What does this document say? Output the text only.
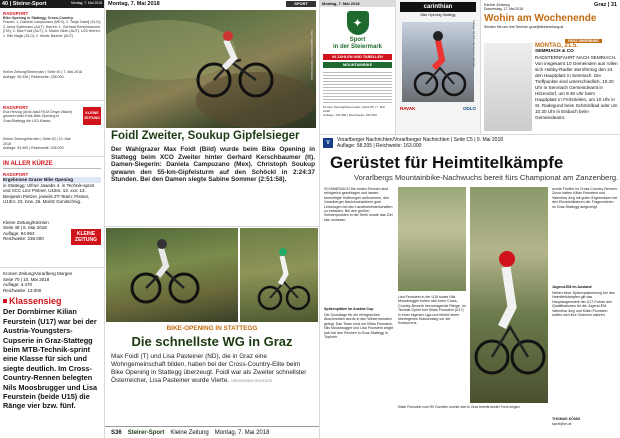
40 | Steirer-Sport	Montag, 7. Mai 2018
RADSPORT
Bike Opening in Stattegg, Cross-Country.
Frauen: 1. Daniela Campuzano (MEX); 2. Tanja Zakelj (SLO); 3. Anna Spielmann (AUT). Herren: 1. Gerhard Kerschbaumer (ITA); 2. Max Foidl (AUT); 3. Martin Gluth (AUT). U23 Herren: 1. Riik Nagle (SLO); 2. Moritz Bischer (AUT)
Kleine Zeitung/Steiermark | Seite 40 | 7. Mai 2018
Auflage: 96.326 | Reichweite: 238.000
RADSPORT
Eva Herzog (Arbö Askö RLM Ömya Villach) gewann beim Kids-Bike-Opening in Graz/Stattegg die U13-Klasse.
Kleine Zeitung/Kärnten | Seite 63 | 10. Mai 2018
Auflage: 94.963 | Reichweite: 238.000
KLEINE
ZEITUNG
IN ALLER KÜRZE
RADSPORT
Ergebnisse Grazer Bike Opening
in Stattegg: Ulfner Jawabs 4. in Technik-sprint und XCC Linz Pistner, U15m: 13. xxx: 13. Benjamin Pietzer, jeweils ZT-Team: Pistner, U13m: 23. bzw. 26. Moritz Gonitschnig.
Kleine Zeitung/Kärnten
Seite 48 | 8. Mai 2018
Auflage: 94.963
Reichweite: 238.000
KLEINE
ZEITUNG
Kronen Zeitung/Vorarlberg Morgen
Seite 70 | 10. Mai 2018
Auflage: 4.470
Reichweite: 13.000
Klassensieg
Der Dornbirner Kilian Feurstein (U17) war bei der Austria-Youngsters-Cupserie in Graz-Stattegg beim MTB-Technik-sprint eine Klasse für sich und siegte deutlich. Im Cross-Country-Rennen belegten Nils Moosbrugger und Lisa Feurstein (beide U15) die Ränge vier bzw. fünf.
Montag, 7. Mai 2018	SPORT
Foto: Harald Gotschi / Schöckl GmbH
Foidl Zweiter, Soukup Gipfelsieger
Der Wahlgrazer Max Foidl (Bild) wurde beim Bike Opening in Stattegg beim XCO Zweiter hinter Gerhard Kerschbaumer (It). Damen-Siegerin: Daniela Campuzano (Mex). Christoph Soukup gewann den 55-km-Gipfelsturm auf den Schöckl in 2:24:37 Stunden. Bei den Damen siegte Sabine Sommer (2:51:58).
BIKE-OPENING IN STATTEGG
Die schnellste WG in Graz
Max Foidl (T) und Lisa Pasteiner (ND), die in Graz eine Wohngemeinschaft bilden, haben bei der Cross-Country-Elite beim Bike Opening in Stattegg überzeugt. Foidl war als Zweiter schnellster Österreicher, Lisa Pasteiner wurde Vierte. GREGOR/NG MONTAGE
S36 Steirer-Sport Kleine Zeitung Montag, 7. Mai 2018
Montag, 7. Mai 2018
✦
Sport
in der Steiermark
IN ZAHLEN UND TABELLEN
MOUNTAINBIKE
Kronen Zeitung/Steiermark | Seite 58 | 7. Mai 2018
Auflage: 134.960 | Reichweite: 343.000
carinthian
Bike Opening Stattegg
RAVAK	ODLO
Auflage: 58.205 | Reichweite: 163.000
Kleine Zeitung
Donnerstag, 17. Mai 2018
Graz | 31
Wohin am Wochenende
Senden Sie uns Ihre Termine: graz@kleinezeitung.at
GRAZ UMGEBUNG
MONTAG, 21.5.
SEMRIACH & CO
RADSTERNFAHRT NACH SEMRIACH. Von insgesamt 10 Gemeinden aus rollen sich Hobby-Radler sternförmig den 24. den Hauptplatz in Semriach. Die Treffpunkte sind unterschiedlich, 10.30 Uhr in Semriach Gemeindeamt in Hitzendorf, um 9.30 Uhr beim Hauptplatz in Frohnleiten, um 10 Uhr in St. Radegund beim Schöcklbad oder um 10.30 Uhr in Eisbach beim Gemeindeamt.
V	Vorarlberger Nachrichten/Vorarlberger Nachrichten | Seite C5 | 9. Mai 2018
Auflage: 58.205 | Reichweite: 163.000
Gerüstet für Heimtitelkämpfe
Vorarlbergs Mountainbike-Nachwuchs bereit fürs Championat am Zanzenberg.
SCHWARZACH Die ersten Rennen sind erfolgreich geschlagen und lassen berechtigte Hoffnungen aufkommen, den Vorarlberger Nachwuchsbikern gute Leistungen bei den Landesmeisterschaften zu erwarten. Bei den großen Schwerpunkten in der Serie wurde das Ziel klar umrissen.
Spitzenplätze im Austria Cup
Die Grundlage für ein erfolgreiches Abschneiden wurde in den Wintermonaten gelegt. Das Team rund um Kilian Feurstein, Nils Moosbrugger und Lisa Feurstein zeigte sich bei den Rennen in Graz-Stattegg in Topform.
Lisa Feurstein in der U15 sowie Nils Moosbrugger holten sich beim Cross-Country-Bewerb hervorragende Ränge. Im Technik-Sprint fuhr Kilian Feurstein (U17) in einer eigenen Liga und feierte einen überlegenen Klassensieg vor der Konkurrenz.
Kilian Feurstein vom RV Dornbirn konnte sich in Graz bereits bester Form zeigen.
wurde Fünfter im Cross-Country-Rennen. Zuvor hatten Kilian Feurstein und Valentina Jurg mit guten Ergebnissen bei den Einzelzeitfahren der Fragezeichen im Graz-Stattegg aufgezeigt.
Jugend-EM im Ausland
Neben einer Spitzenplatzierung bei den Heimtitelkämpfen gilt das Hauptaugenmerk der U17-Fahrer den Qualifikationen für die Jugend-EM. Valentina Jurg und Kilian Feurstein wollen sich ihre Chancen wahren.
THOMAS KÖNIG
sport@vn.at
